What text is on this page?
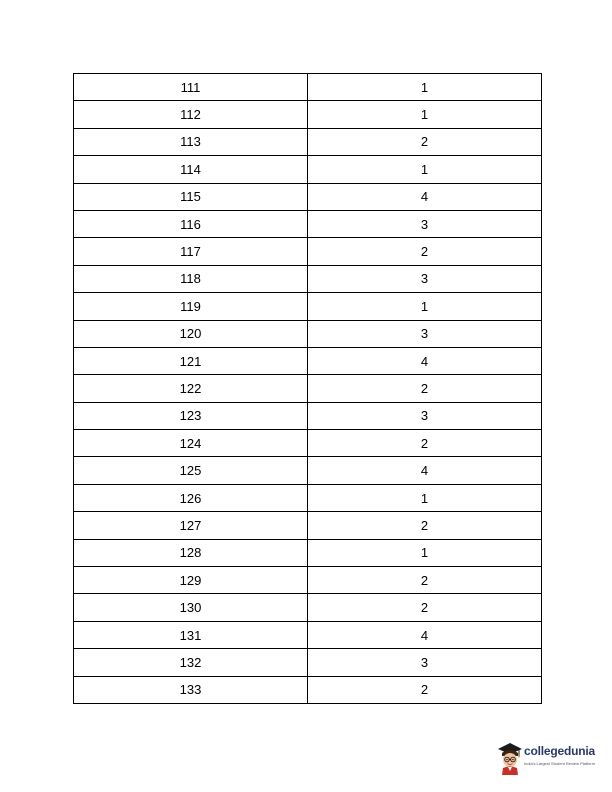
111	1
112	1
113	2
114	1
115	4
116	3
117	2
118	3
119	1
120	3
121	4
122	2
123	3
124	2
125	4
126	1
127	2
128	1
129	2
130	2
131	4
132	3
133	2
collegedunia
India's Largest Student Review Platform
